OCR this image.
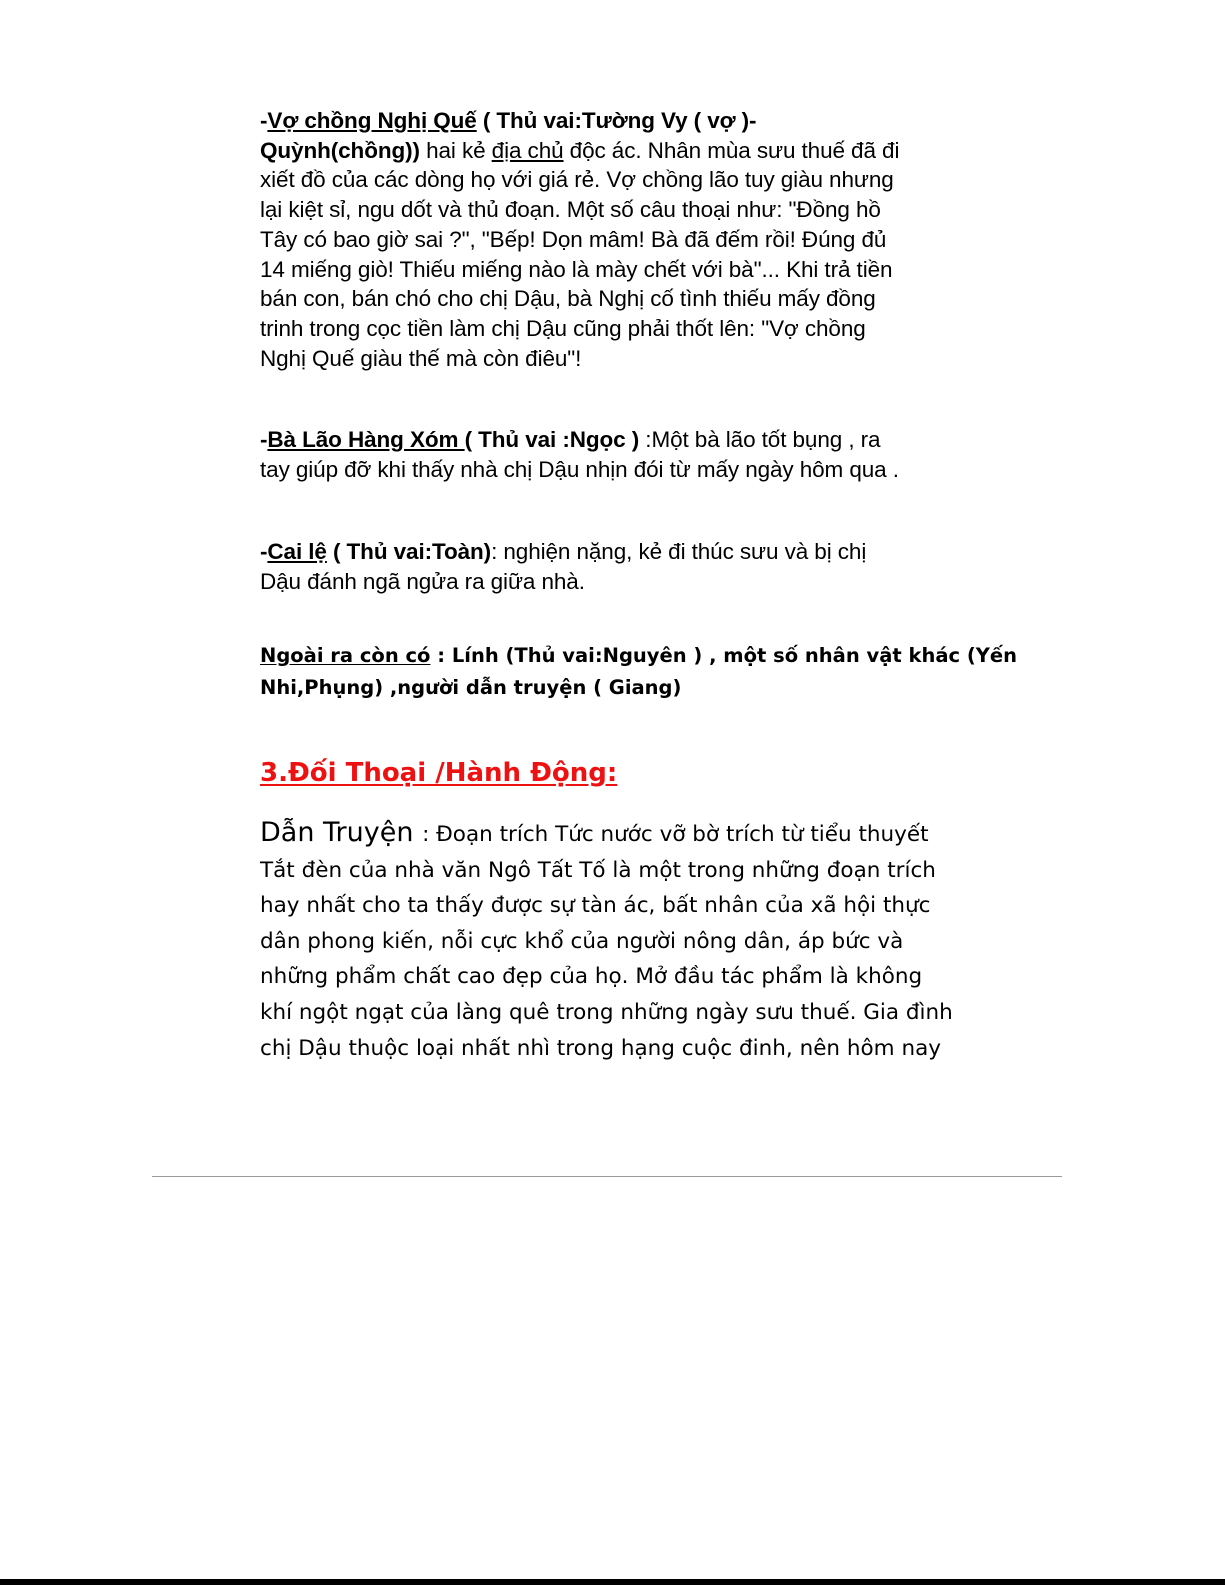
-Vợ chồng Nghị Quế ( Thủ vai:Tường Vy ( vợ )-
Quỳnh(chồng)) hai kẻ địa chủ độc ác. Nhân mùa sưu thuế đã đi
xiết đồ của các dòng họ với giá rẻ. Vợ chồng lão tuy giàu nhưng
lại kiệt sỉ, ngu dốt và thủ đoạn. Một số câu thoại như: "Đồng hồ
Tây có bao giờ sai ?", "Bếp! Dọn mâm! Bà đã đếm rồi! Đúng đủ
14 miếng giò! Thiếu miếng nào là mày chết với bà"... Khi trả tiền
bán con, bán chó cho chị Dậu, bà Nghị cố tình thiếu mấy đồng
trinh trong cọc tiền làm chị Dậu cũng phải thốt lên: "Vợ chồng
Nghị Quế giàu thế mà còn điêu"!
-Bà Lão Hàng Xóm ( Thủ vai :Ngọc ) :Một bà lão tốt bụng , ra
tay giúp đỡ khi thấy nhà chị Dậu nhịn đói từ mấy ngày hôm qua .
-Cai lệ ( Thủ vai:Toàn): nghiện nặng, kẻ đi thúc sưu và bị chị
Dậu đánh ngã ngửa ra giữa nhà.
Ngoài ra còn có : Lính (Thủ vai:Nguyên ) , một số nhân vật khác (Yến
Nhi,Phụng) ,người dẫn truyện ( Giang)
3.Đối Thoại /Hành Động:
Dẫn Truyện : Đoạn trích Tức nước vỡ bờ trích từ tiểu thuyết
Tắt đèn của nhà văn Ngô Tất Tố là một trong những đoạn trích
hay nhất cho ta thấy được sự tàn ác, bất nhân của xã hội thực
dân phong kiến, nỗi cực khổ của người nông dân, áp bức và
những phẩm chất cao đẹp của họ. Mở đầu tác phẩm là không
khí ngột ngạt của làng quê trong những ngày sưu thuế. Gia đình
chị Dậu thuộc loại nhất nhì trong hạng cuộc đinh, nên hôm nay
